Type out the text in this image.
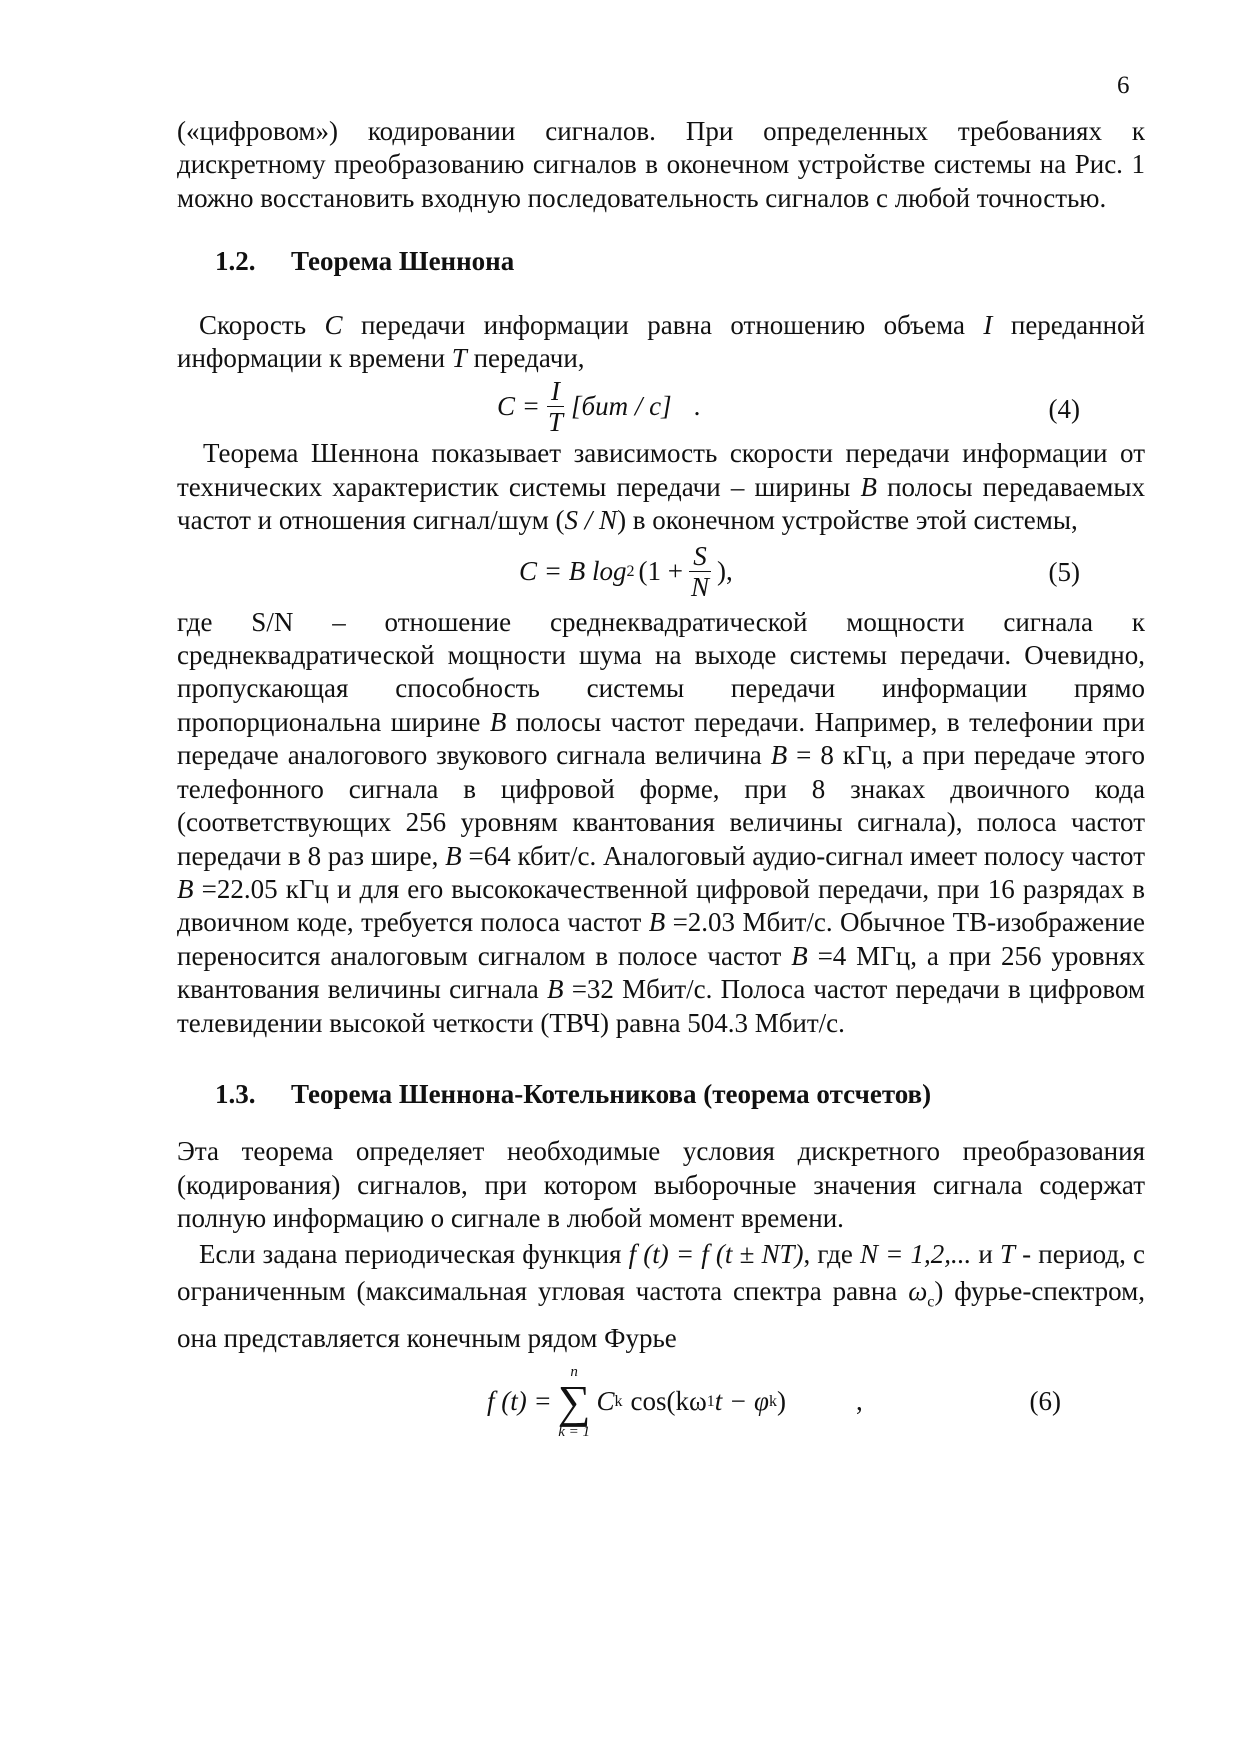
6

(«цифровом») кодировании сигналов. При определенных требованиях к дискретному преобразованию сигналов в оконечном устройстве системы на Рис. 1 можно восстановить входную последовательность сигналов с любой точностью.

1.2. Теорема Шеннона

Скорость C передачи информации равна отношению объема I переданной информации к времени T передачи,

$C = \frac{I}{T} [бит / с]$ .	(4)

Теорема Шеннона показывает зависимость скорости передачи информации от технических характеристик системы передачи – ширины B полосы передаваемых частот и отношения сигнал/шум (S / N) в оконечном устройстве этой системы,

C = B log 2 ($1 + \frac{S}{N}$ ),	(5)

где S/N – отношение среднеквадратической мощности сигнала к среднеквадратической мощности шума на выходе системы передачи. Очевидно, пропускающая способность системы передачи информации прямо пропорциональна ширине B полосы частот передачи. Например, в телефонии при передаче аналогового звукового сигнала величина B = 8 кГц, а при передаче этого телефонного сигнала в цифровой форме, при 8 знаках двоичного кода (соответствующих 256 уровням квантования величины сигнала), полоса частот передачи в 8 раз шире, B =64 кбит/с. Аналоговый аудио-сигнал имеет полосу частот B =22.05 кГц и для его высококачественной цифровой передачи, при 16 разрядах в двоичном коде, требуется полоса частот B =2.03 Мбит/с. Обычное ТВ-изображение переносится аналоговым сигналом в полосе частот B =4 МГц, а при 256 уровнях квантования величины сигнала B =32 Мбит/с. Полоса частот передачи в цифровом телевидении высокой четкости (ТВЧ) равна 504.3 Мбит/с.

1.3. Теорема Шеннона-Котельникова (теорема отсчетов)

Эта теорема определяет необходимые условия дискретного преобразования (кодирования) сигналов, при котором выборочные значения сигнала содержат полную информацию о сигнале в любой момент времени.

Если задана периодическая функция f (t) = f (t ± NT), где N = 1,2,... и T - период, с ограниченным (максимальная угловая частота спектра равна $\omega_c$) фурье-спектром, она представляется конечным рядом Фурье

f (t) =
n
∑
k = 1
C k cos(kω 1 t − φ k )	,	(6)
